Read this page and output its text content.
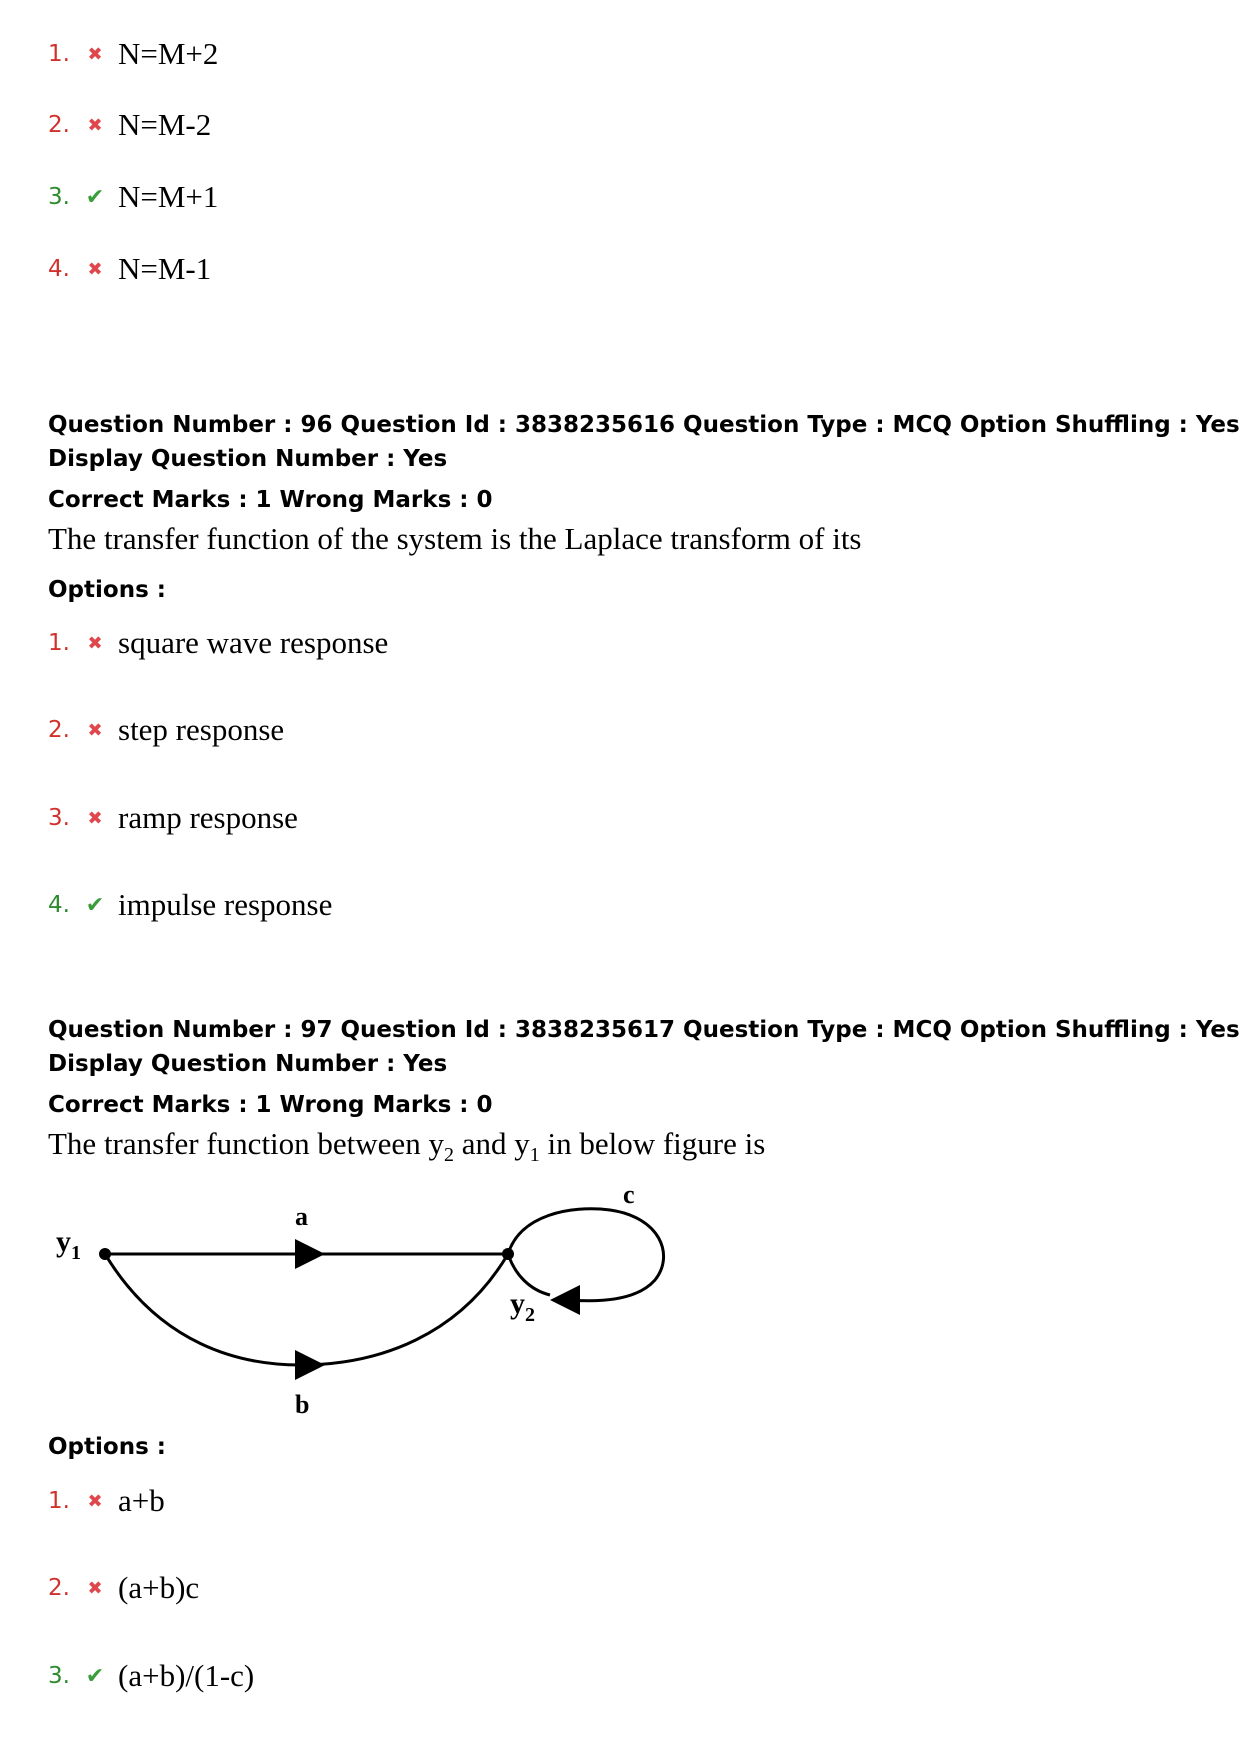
1. ✖ N=M+2
2. ✖ N=M-2
3. ✔ N=M+1
4. ✖ N=M-1
Question Number : 96 Question Id : 3838235616 Question Type : MCQ Option Shuffling : Yes
Display Question Number : Yes
Correct Marks : 1 Wrong Marks : 0
The transfer function of the system is the Laplace transform of its
Options :
1. ✖ square wave response
2. ✖ step response
3. ✖ ramp response
4. ✔ impulse response
Question Number : 97 Question Id : 3838235617 Question Type : MCQ Option Shuffling : Yes
Display Question Number : Yes
Correct Marks : 1 Wrong Marks : 0
The transfer function between $y_2$ and $y_1$ in below figure is
a
b
c
$y_1$
$y_2$
Options :
1. ✖ a+b
2. ✖ (a+b)c
3. ✔ (a+b)/(1-c)
